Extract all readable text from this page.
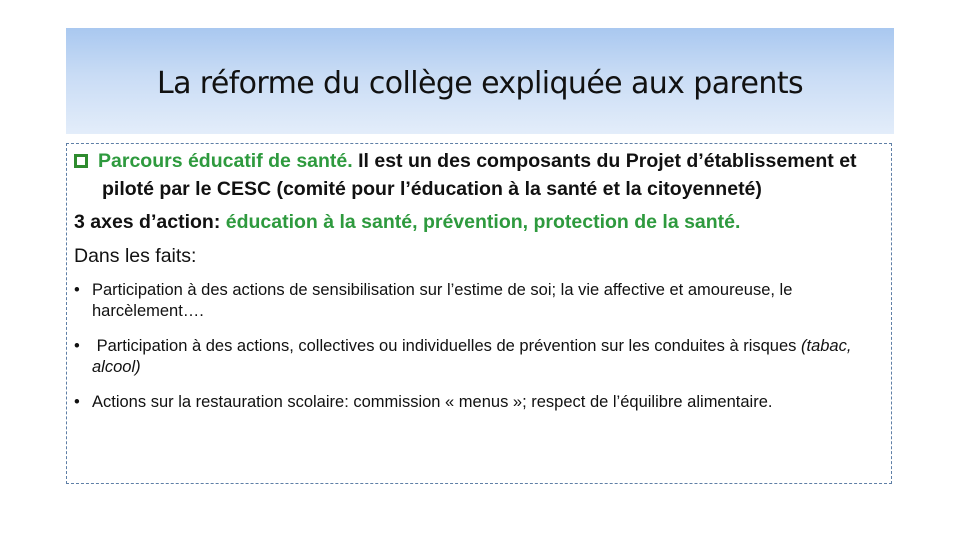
La réforme du collège expliquée aux parents

Parcours éducatif de santé. Il est un des composants du Projet d’établissement et piloté par le CESC (comité pour l’éducation à la santé et la citoyenneté)

3 axes d’action: éducation à la santé, prévention, protection de la santé.

Dans les faits:

• Participation à des actions de sensibilisation sur l’estime de soi; la vie affective et amoureuse, le harcèlement….
• Participation à des actions, collectives ou individuelles de prévention sur les conduites à risques (tabac, alcool)
• Actions sur la restauration scolaire: commission « menus »; respect de l’équilibre alimentaire.
